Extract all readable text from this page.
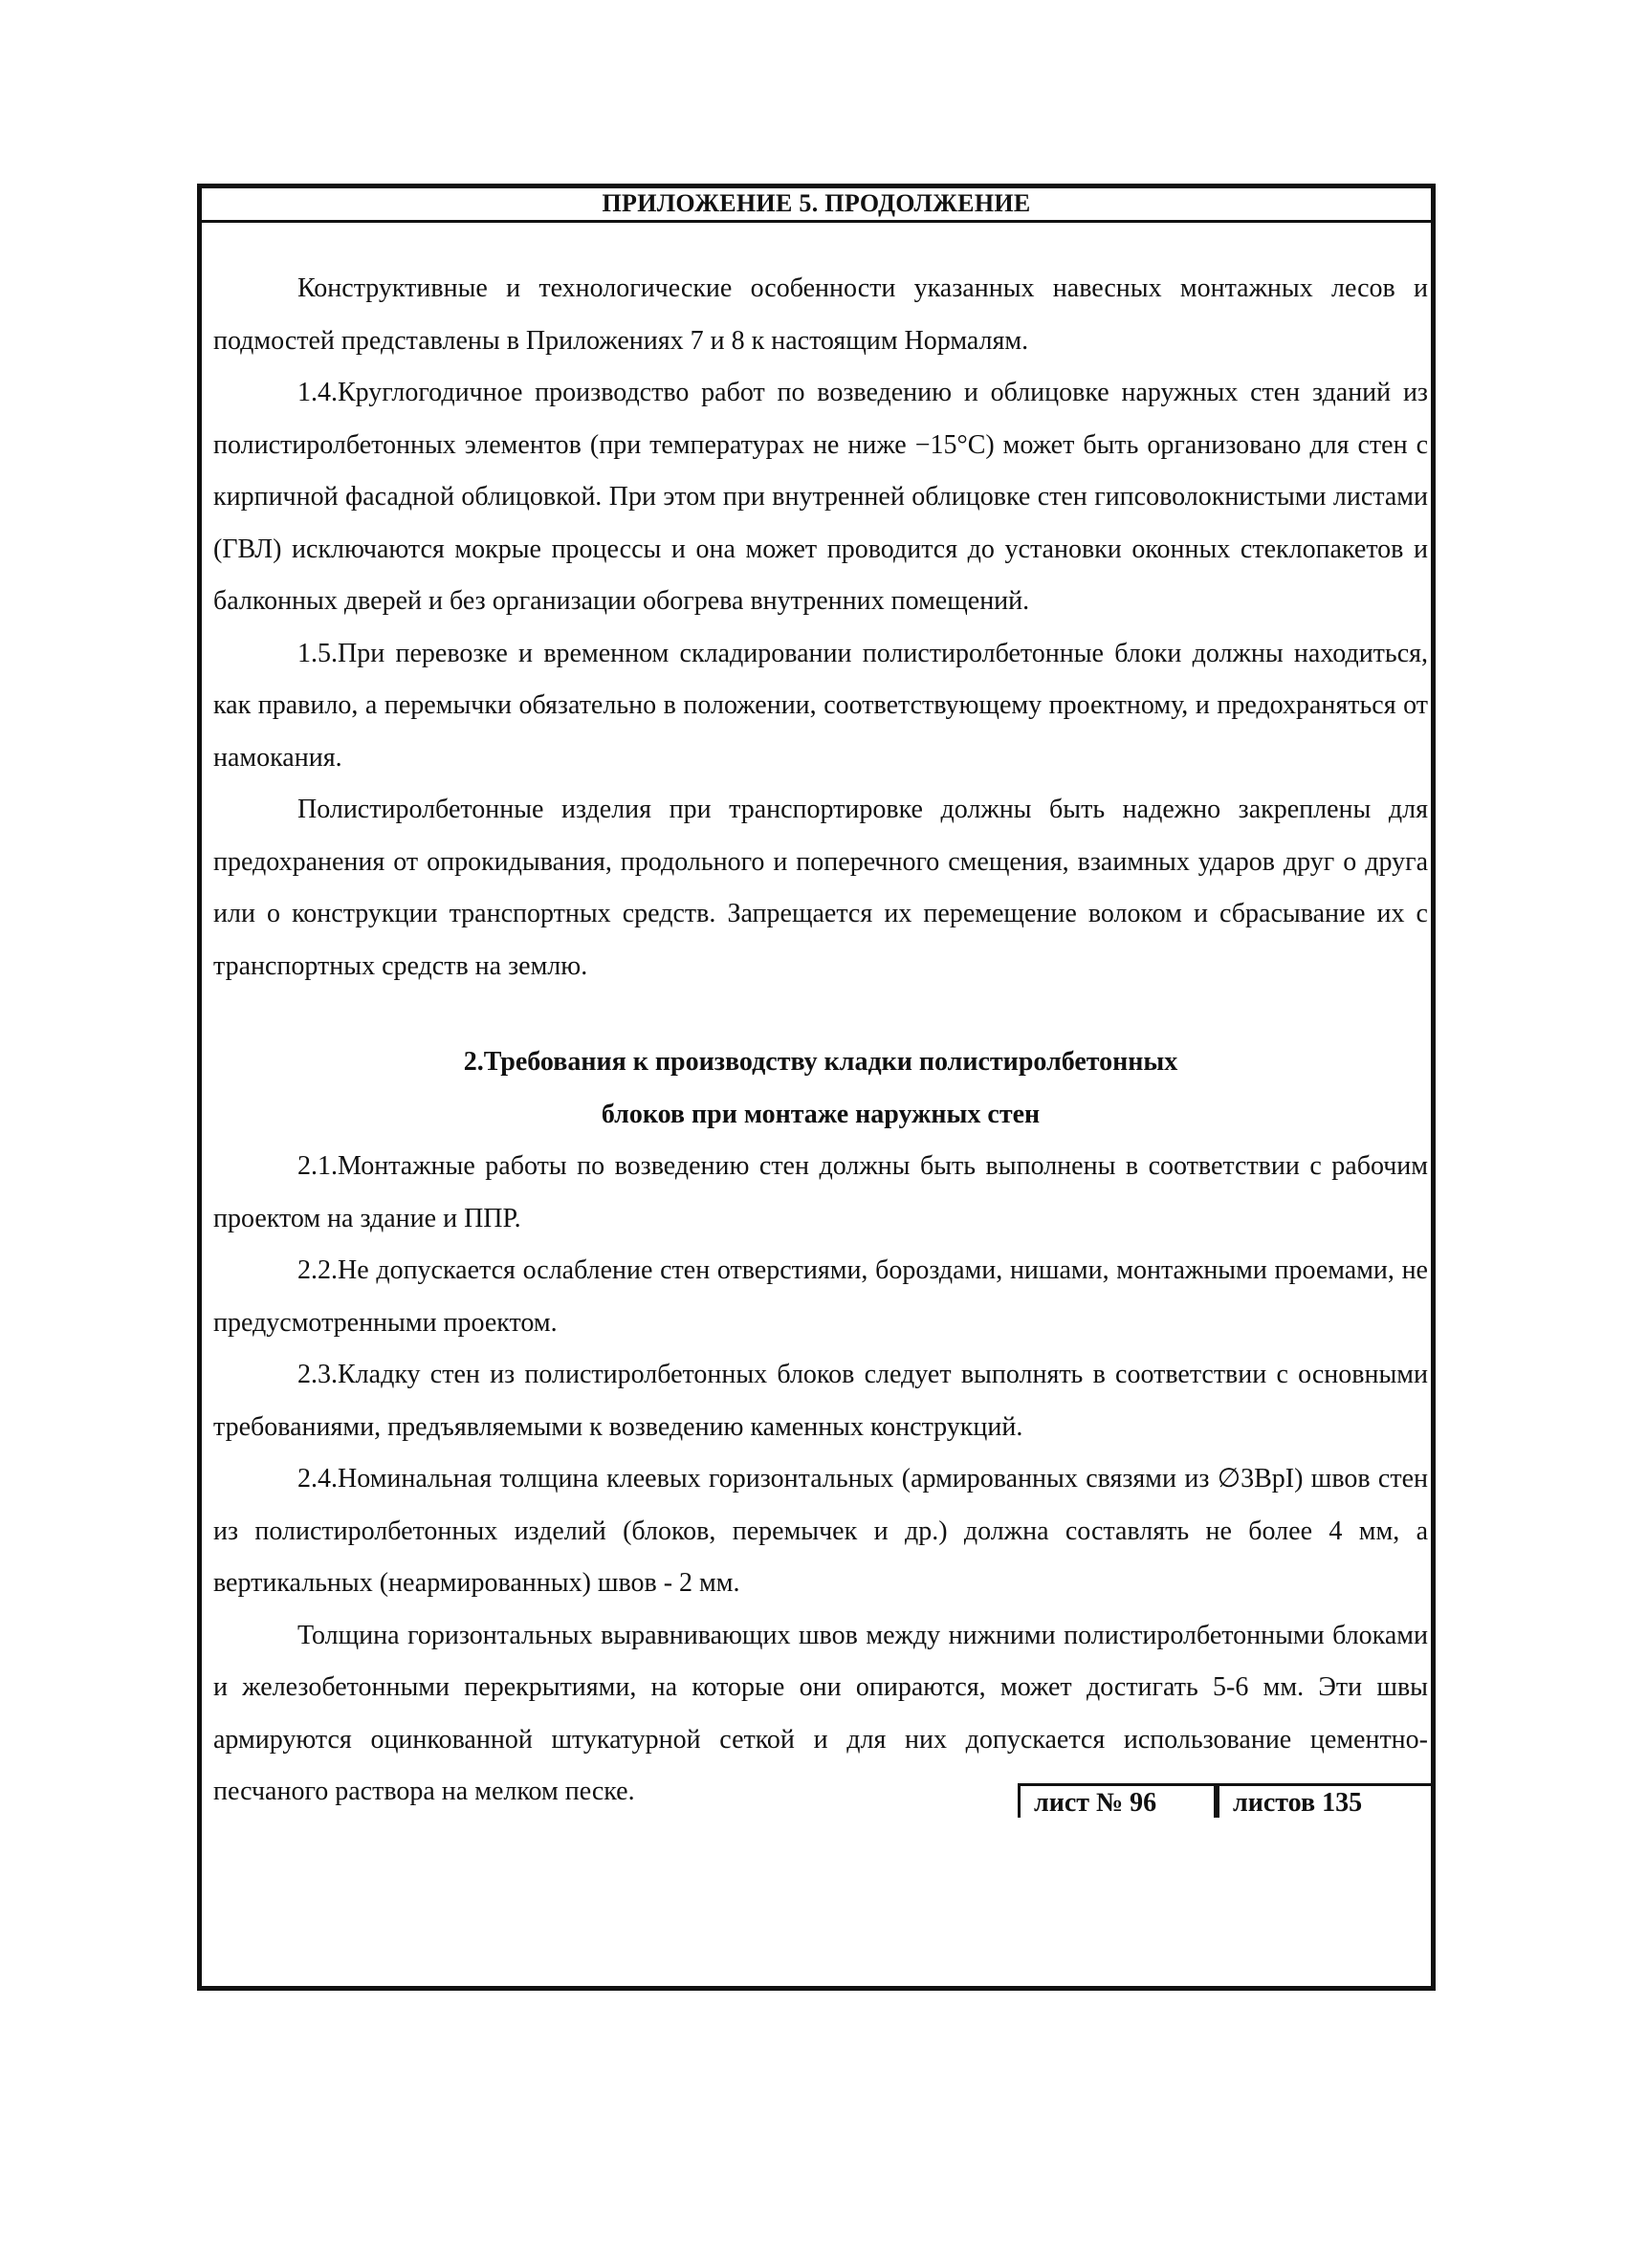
ПРИЛОЖЕНИЕ 5. ПРОДОЛЖЕНИЕ

Конструктивные и технологические особенности указанных навесных монтажных лесов и подмостей представлены в Приложениях 7 и 8 к настоящим Нормалям.

1.4.Круглогодичное производство работ по возведению и облицовке наружных стен зданий из полистиролбетонных элементов (при температурах не ниже −15°С) может быть организовано для стен с кирпичной фасадной облицовкой. При этом при внутренней облицовке стен гипсоволокнистыми листами (ГВЛ) исключаются мокрые процессы и она может проводится до установки оконных стеклопакетов и балконных дверей и без организации обогрева внутренних помещений.

1.5.При перевозке и временном складировании полистиролбетонные блоки должны находиться, как правило, а перемычки обязательно в положении, соответствующему проектному, и предохраняться от намокания.

Полистиролбетонные изделия при транспортировке должны быть надежно закреплены для предохранения от опрокидывания, продольного и поперечного смещения, взаимных ударов друг о друга или о конструкции транспортных средств. Запрещается их перемещение волоком и сбрасывание их с транспортных средств на землю.

2.Требования к производству кладки полистиролбетонных
блоков при монтаже наружных стен

2.1.Монтажные работы по возведению стен должны быть выполнены в соответствии с рабочим проектом на здание и ППР.

2.2.Не допускается ослабление стен отверстиями, бороздами, нишами, монтажными проемами, не предусмотренными проектом.

2.3.Кладку стен из полистиролбетонных блоков следует выполнять в соответствии с основными требованиями, предъявляемыми к возведению каменных конструкций.

2.4.Номинальная толщина клеевых горизонтальных (армированных связями из ∅3ВрI) швов стен из полистиролбетонных изделий (блоков, перемычек и др.) должна составлять не более 4 мм, а вертикальных (неармированных) швов - 2 мм.

Толщина горизонтальных выравнивающих швов между нижними полистиролбетонными блоками и железобетонными перекрытиями, на которые они опираются, может достигать 5-6 мм. Эти швы армируются оцинкованной штукатурной сеткой и для них допускается использование цементно-песчаного раствора на мелком песке.	лист № 96	листов 135
